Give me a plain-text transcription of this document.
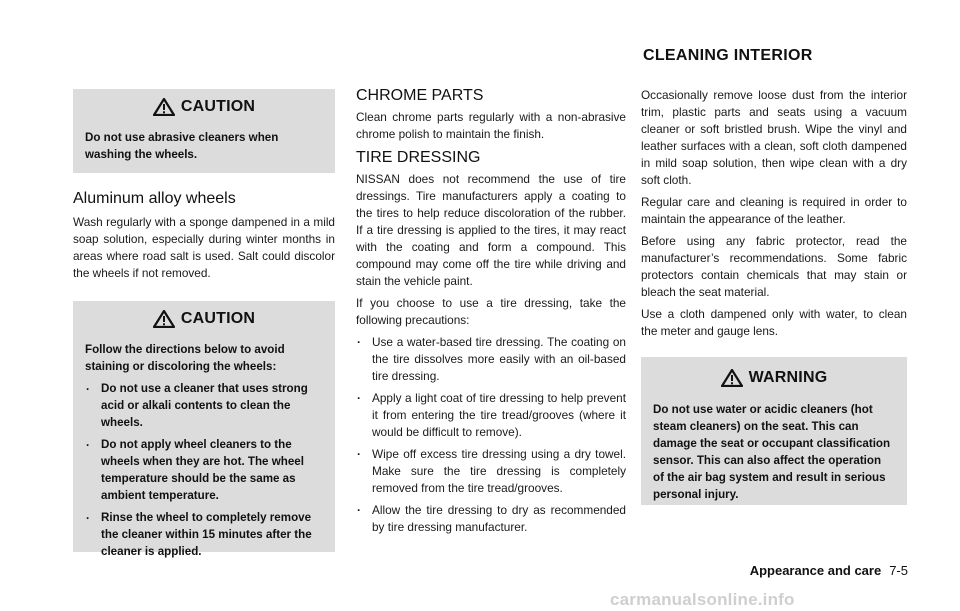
CLEANING INTERIOR
CAUTION
Do not use abrasive cleaners when washing the wheels.
Aluminum alloy wheels
Wash regularly with a sponge dampened in a mild soap solution, especially during winter months in areas where road salt is used. Salt could discolor the wheels if not removed.
CAUTION
Follow the directions below to avoid staining or discoloring the wheels:
. Do not use a cleaner that uses strong acid or alkali contents to clean the wheels.
. Do not apply wheel cleaners to the wheels when they are hot. The wheel temperature should be the same as ambient temperature.
. Rinse the wheel to completely remove the cleaner within 15 minutes after the cleaner is applied.
CHROME PARTS
Clean chrome parts regularly with a non-abrasive chrome polish to maintain the finish.
TIRE DRESSING
NISSAN does not recommend the use of tire dressings. Tire manufacturers apply a coating to the tires to help reduce discoloration of the rubber. If a tire dressing is applied to the tires, it may react with the coating and form a compound. This compound may come off the tire while driving and stain the vehicle paint.
If you choose to use a tire dressing, take the following precautions:
. Use a water-based tire dressing. The coating on the tire dissolves more easily with an oil-based tire dressing.
. Apply a light coat of tire dressing to help prevent it from entering the tire tread/grooves (where it would be difficult to remove).
. Wipe off excess tire dressing using a dry towel. Make sure the tire dressing is completely removed from the tire tread/grooves.
. Allow the tire dressing to dry as recommended by tire dressing manufacturer.
Occasionally remove loose dust from the interior trim, plastic parts and seats using a vacuum cleaner or soft bristled brush. Wipe the vinyl and leather surfaces with a clean, soft cloth dampened in mild soap solution, then wipe clean with a dry soft cloth.
Regular care and cleaning is required in order to maintain the appearance of the leather.
Before using any fabric protector, read the manufacturer’s recommendations. Some fabric protectors contain chemicals that may stain or bleach the seat material.
Use a cloth dampened only with water, to clean the meter and gauge lens.
WARNING
Do not use water or acidic cleaners (hot steam cleaners) on the seat. This can damage the seat or occupant classification sensor. This can also affect the operation of the air bag system and result in serious personal injury.
Appearance and care 7-5
carmanualsonline.info
